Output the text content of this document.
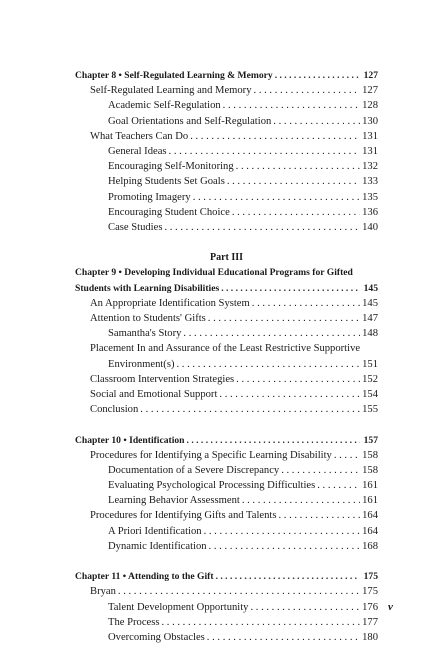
Chapter 8 • Self-Regulated Learning & Memory . . .	127
Self-Regulated Learning and Memory . . .	127
Academic Self-Regulation . . .	128
Goal Orientations and Self-Regulation . . .	130
What Teachers Can Do . . .	131
General Ideas . . .	131
Encouraging Self-Monitoring . . .	132
Helping Students Set Goals . . .	133
Promoting Imagery . . .	135
Encouraging Student Choice . . .	136
Case Studies . . .	140
Part III
Chapter 9 • Developing Individual Educational Programs for Gifted
Students with Learning Disabilities . . .	145
An Appropriate Identification System . . .	145
Attention to Students' Gifts . . .	147
Samantha's Story . . .	148
Placement In and Assurance of the Least Restrictive Supportive
Environment(s) . . .	151
Classroom Intervention Strategies . . .	152
Social and Emotional Support . . .	154
Conclusion . . .	155
Chapter 10 • Identification . . .	157
Procedures for Identifying a Specific Learning Disability . . .	158
Documentation of a Severe Discrepancy . . .	158
Evaluating Psychological Processing Difficulties . . .	161
Learning Behavior Assessment . . .	161
Procedures for Identifying Gifts and Talents . . .	164
A Priori Identification . . .	164
Dynamic Identification . . .	168
Chapter 11 • Attending to the Gift . . .	175
Bryan . . .	175
Talent Development Opportunity . . .	176
The Process . . .	177
Overcoming Obstacles . . .	180
v
